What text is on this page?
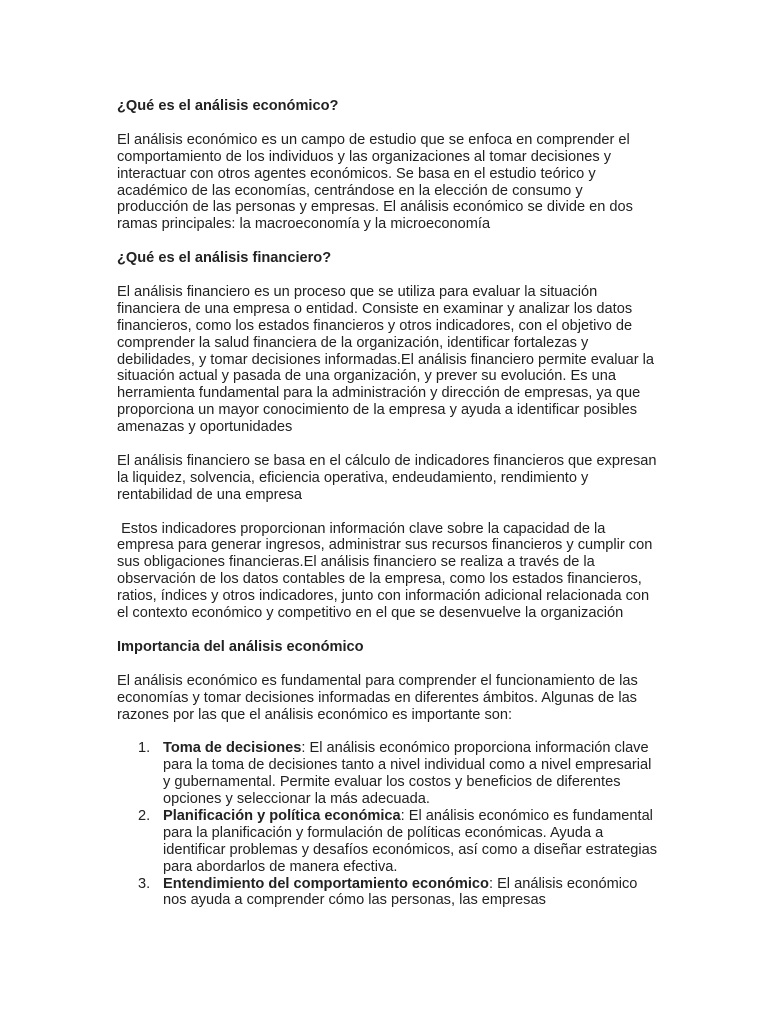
¿Qué es el análisis económico?

El análisis económico es un campo de estudio que se enfoca en comprender el comportamiento de los individuos y las organizaciones al tomar decisiones y interactuar con otros agentes económicos. Se basa en el estudio teórico y académico de las economías, centrándose en la elección de consumo y producción de las personas y empresas. El análisis económico se divide en dos ramas principales: la macroeconomía y la microeconomía

¿Qué es el análisis financiero?

El análisis financiero es un proceso que se utiliza para evaluar la situación financiera de una empresa o entidad. Consiste en examinar y analizar los datos financieros, como los estados financieros y otros indicadores, con el objetivo de comprender la salud financiera de la organización, identificar fortalezas y debilidades, y tomar decisiones informadas.El análisis financiero permite evaluar la situación actual y pasada de una organización, y prever su evolución. Es una herramienta fundamental para la administración y dirección de empresas, ya que proporciona un mayor conocimiento de la empresa y ayuda a identificar posibles amenazas y oportunidades

El análisis financiero se basa en el cálculo de indicadores financieros que expresan la liquidez, solvencia, eficiencia operativa, endeudamiento, rendimiento y rentabilidad de una empresa

Estos indicadores proporcionan información clave sobre la capacidad de la empresa para generar ingresos, administrar sus recursos financieros y cumplir con sus obligaciones financieras.El análisis financiero se realiza a través de la observación de los datos contables de la empresa, como los estados financieros, ratios, índices y otros indicadores, junto con información adicional relacionada con el contexto económico y competitivo en el que se desenvuelve la organización

Importancia del análisis económico

El análisis económico es fundamental para comprender el funcionamiento de las economías y tomar decisiones informadas en diferentes ámbitos. Algunas de las razones por las que el análisis económico es importante son:

1. Toma de decisiones: El análisis económico proporciona información clave para la toma de decisiones tanto a nivel individual como a nivel empresarial y gubernamental. Permite evaluar los costos y beneficios de diferentes opciones y seleccionar la más adecuada.
2. Planificación y política económica: El análisis económico es fundamental para la planificación y formulación de políticas económicas. Ayuda a identificar problemas y desafíos económicos, así como a diseñar estrategias para abordarlos de manera efectiva.
3. Entendimiento del comportamiento económico: El análisis económico nos ayuda a comprender cómo las personas, las empresas
